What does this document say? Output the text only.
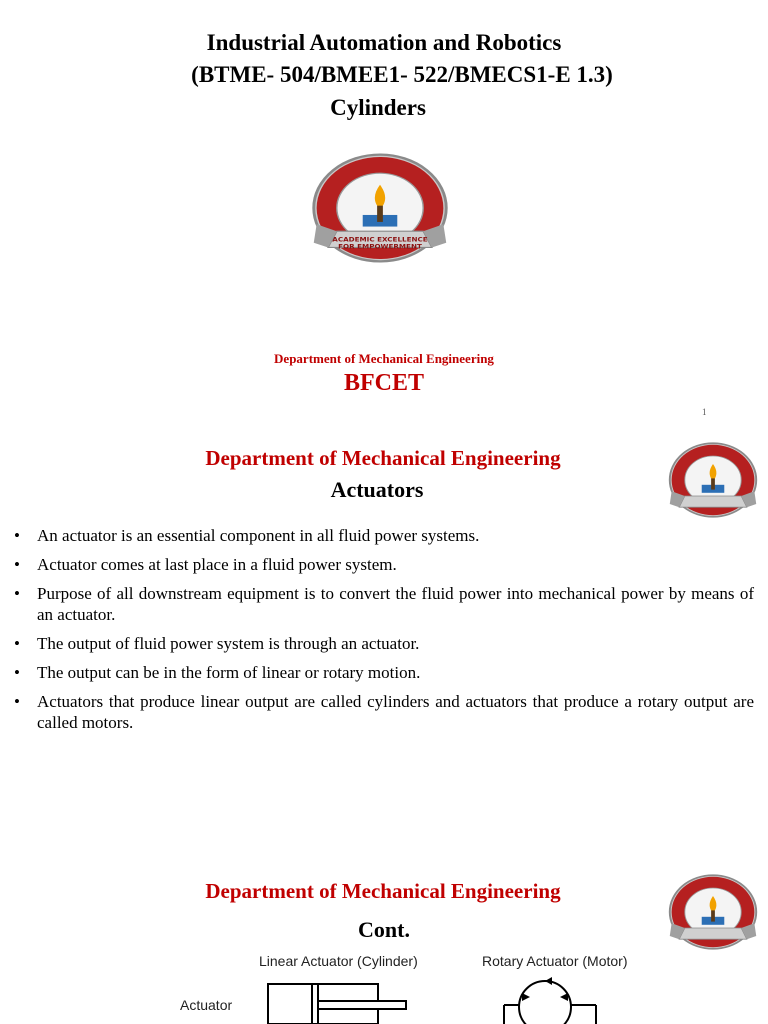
Industrial Automation and Robotics
(BTME- 504/BMEE1- 522/BMECS1-E 1.3)
Cylinders
ACADEMIC EXCELLENCE
FOR EMPOWERMENT
Department of Mechanical Engineering
BFCET
1
Department of Mechanical Engineering
Actuators
• An actuator is an essential component in all fluid power systems.
• Actuator comes at last place in a fluid power system.
• Purpose of all downstream equipment is to convert the fluid power into mechanical power by means of an actuator.
• The output of fluid power system is through an actuator.
• The output can be in the form of linear or rotary motion.
• Actuators that produce linear output are called cylinders and actuators that produce a rotary output are called motors.
Department of Mechanical Engineering
Cont.
Linear Actuator (Cylinder)	Rotary Actuator (Motor)
Actuator
